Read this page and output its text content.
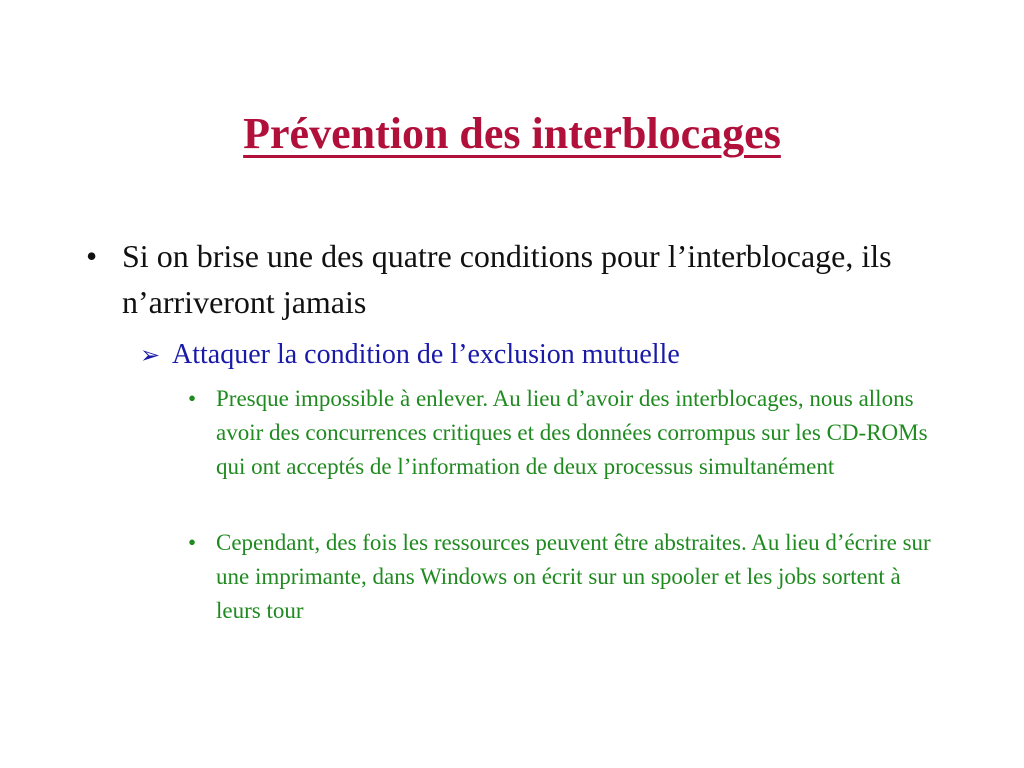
Prévention des interblocages
• Si on brise une des quatre conditions pour l’interblocage, ils n’arriveront jamais
➢ Attaquer la condition de l’exclusion mutuelle
• Presque impossible à enlever. Au lieu d’avoir des interblocages, nous allons avoir des concurrences critiques et des données corrompus sur les CD-ROMs qui ont acceptés de l’information de deux processus simultanément
• Cependant, des fois les ressources peuvent être abstraites. Au lieu d’écrire sur une imprimante, dans Windows on écrit sur un spooler et les jobs sortent à leurs tour
